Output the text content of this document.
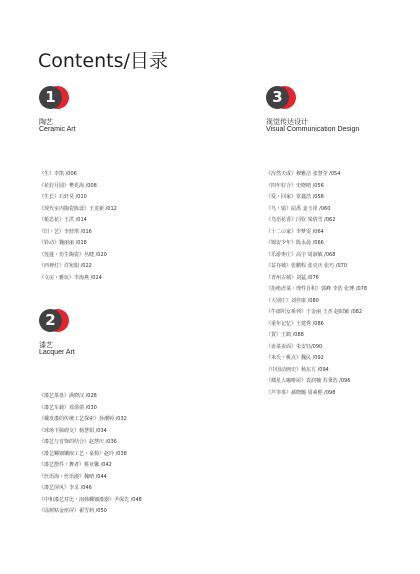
Contents/目录
1
陶艺
Ceramic Art
《生》李凯 /006
《花好月圆》樊兆海 /008
《生长》石轩昊 /010
《现代室内陶瓷陈设》王龙新 /012
《栀思花》王洪 /014
《旧・艺》李舒琪 /016
《铃动》魏丽丽 /018
《莲蓬・仿生陶瓷》丛健 /020
《西神灯》许宛娟 /022
《文房・雅玩》李海燕 /024
2
漆艺
Lacquer Art
《漆艺茶盘》满晓汉 /028
《漆艺车载》邓倩倩 /030
《戴皮漆的传统工艺探索》孙潮婷 /032
《球场下障碍交》杨慧娟 /034
《漆艺与首饰的结合》赵慧庆 /036
《漆艺螺钿镶嵌工艺・桌椅》赵玲 /038
《漆艺摆件・舞者》蔡亚馨 /042
《丝语海・丝语漫》魏晴 /044
《漆艺屏风》李灵 /046
《中和漆艺对比・南韩螺钿漆器》尹保先 /048
《谣树贴金座屏》翟雪莉 /050
3
视觉传达设计
Visual Communication Design
《浑然天成》穆雅洁 张慧莹 /054
《四年好合》史晓晴 /056
《爱・回家》常鑫浩 /058
《鸟・镜》屈禹 姜玉彤 /060
《鸟语花香》闫钦 梁倩雪 /062
《十二の家》李梦雯 /064
《锦安少年》陈永晨 /066
《乐游枣庄》高宇 周淑敏 /068
《益谷城》张鹏程 张克庆 张巧 /070
《青州古城》刘猛 /076
《拒绝虐菜・理性自积》郭峰 李浩 张博 /078
《大别庄》刘佳康 /080
《牛郎织女系列》于金丽 王杰 赵昭颖 /082
《重年记忆》王建秀 /086
《賀》王鹤 /088
《壶菜壶面》朱安钰/090
《米氏・桃点》魏民 /092
《中国动画史》杨东方 /094
《插星人咖啡屋》袁润楠 苏秉浩 /096
《芦笋茶》郝晓璐 周素熙 /098
